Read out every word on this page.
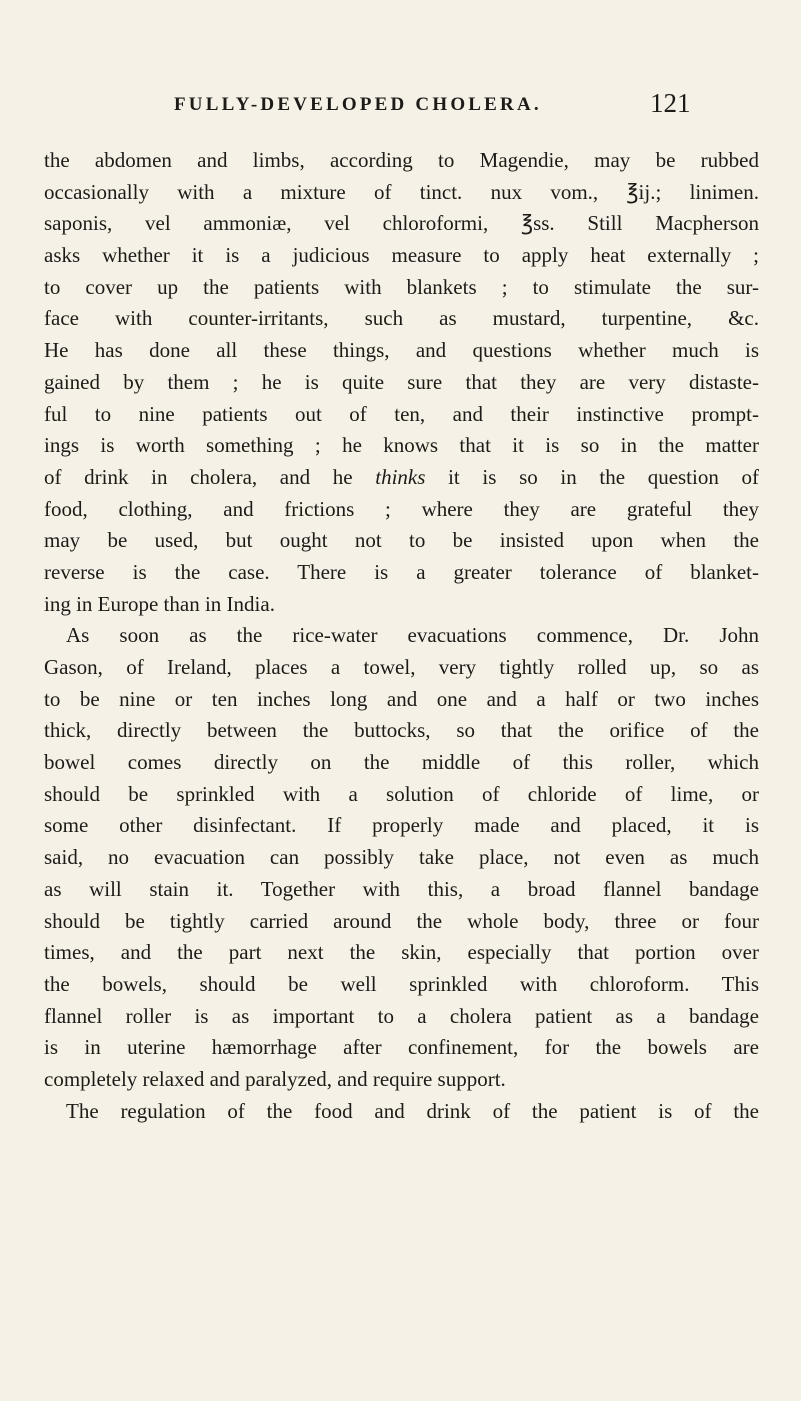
FULLY-DEVELOPED CHOLERA.	121
the abdomen and limbs, according to Magendie, may be rubbed
occasionally with a mixture of tinct. nux vom., ℥ij.; linimen.
saponis, vel ammoniæ, vel chloroformi, ℥ss. Still Macpherson
asks whether it is a judicious measure to apply heat externally ;
to cover up the patients with blankets ; to stimulate the sur-
face with counter-irritants, such as mustard, turpentine, &c.
He has done all these things, and questions whether much is
gained by them ; he is quite sure that they are very distaste-
ful to nine patients out of ten, and their instinctive prompt-
ings is worth something ; he knows that it is so in the matter
of drink in cholera, and he thinks it is so in the question of
food, clothing, and frictions ; where they are grateful they
may be used, but ought not to be insisted upon when the
reverse is the case. There is a greater tolerance of blanket-
ing in Europe than in India.
As soon as the rice-water evacuations commence, Dr. John
Gason, of Ireland, places a towel, very tightly rolled up, so as
to be nine or ten inches long and one and a half or two inches
thick, directly between the buttocks, so that the orifice of the
bowel comes directly on the middle of this roller, which
should be sprinkled with a solution of chloride of lime, or
some other disinfectant. If properly made and placed, it is
said, no evacuation can possibly take place, not even as much
as will stain it. Together with this, a broad flannel bandage
should be tightly carried around the whole body, three or four
times, and the part next the skin, especially that portion over
the bowels, should be well sprinkled with chloroform. This
flannel roller is as important to a cholera patient as a bandage
is in uterine hæmorrhage after confinement, for the bowels are
completely relaxed and paralyzed, and require support.
The regulation of the food and drink of the patient is of the
